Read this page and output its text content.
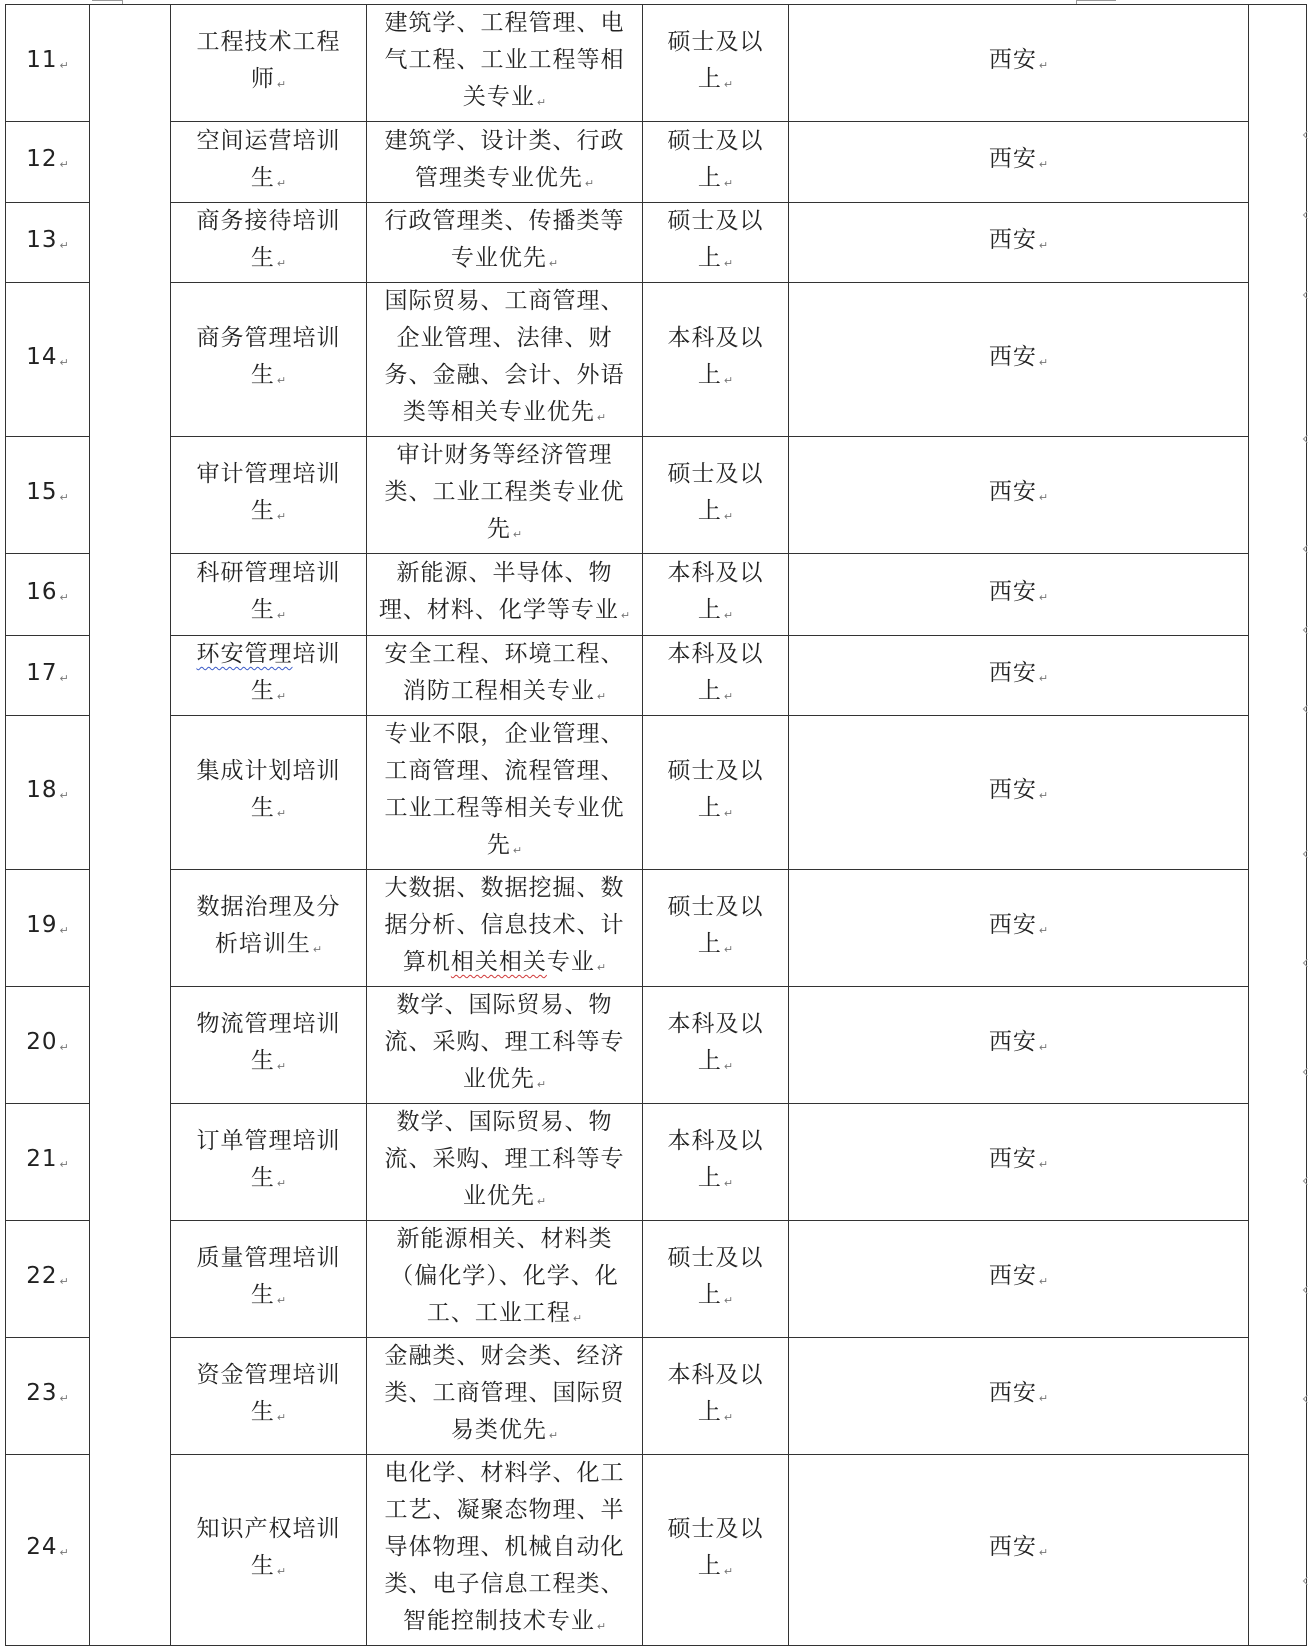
11 ↵		工程技术工程师 ↵	建筑学、工程管理、电气工程、工业工程等相关专业 ↵	硕士及以上 ↵	西安 ↵	
12 ↵		空间运营培训生 ↵	建筑学、设计类、行政管理类专业优先 ↵	硕士及以上 ↵	西安 ↵	
13 ↵		商务接待培训生 ↵	行政管理类、传播类等专业优先 ↵	硕士及以上 ↵	西安 ↵	
14 ↵		商务管理培训生 ↵	国际贸易、工商管理、企业管理、法律、财务、金融、会计、外语类等相关专业优先 ↵	本科及以上 ↵	西安 ↵	
15 ↵		审计管理培训生 ↵	审计财务等经济管理类、工业工程类专业优先 ↵	硕士及以上 ↵	西安 ↵	
16 ↵		科研管理培训生 ↵	新能源、半导体、物理、材料、化学等专业 ↵	本科及以上 ↵	西安 ↵	
17 ↵		环安管理培训生 ↵	安全工程、环境工程、消防工程相关专业 ↵	本科及以上 ↵	西安 ↵	
18 ↵		集成计划培训生 ↵	专业不限，企业管理、工商管理、流程管理、工业工程等相关专业优先 ↵	硕士及以上 ↵	西安 ↵	
19 ↵		数据治理及分析培训生 ↵	大数据、数据挖掘、数据分析、信息技术、计算机相关相关专业 ↵	硕士及以上 ↵	西安 ↵	
20 ↵		物流管理培训生 ↵	数学、国际贸易、物流、采购、理工科等专业优先 ↵	本科及以上 ↵	西安 ↵	
21 ↵		订单管理培训生 ↵	数学、国际贸易、物流、采购、理工科等专业优先 ↵	本科及以上 ↵	西安 ↵	
22 ↵		质量管理培训生 ↵	新能源相关、材料类（偏化学）、化学、化工、工业工程 ↵	硕士及以上 ↵	西安 ↵	
23 ↵		资金管理培训生 ↵	金融类、财会类、经济类、工商管理、国际贸易类优先 ↵	本科及以上 ↵	西安 ↵	
24 ↵		知识产权培训生 ↵	电化学、材料学、化工工艺、凝聚态物理、半导体物理、机械自动化类、电子信息工程类、智能控制技术专业 ↵	硕士及以上 ↵	西安 ↵	
